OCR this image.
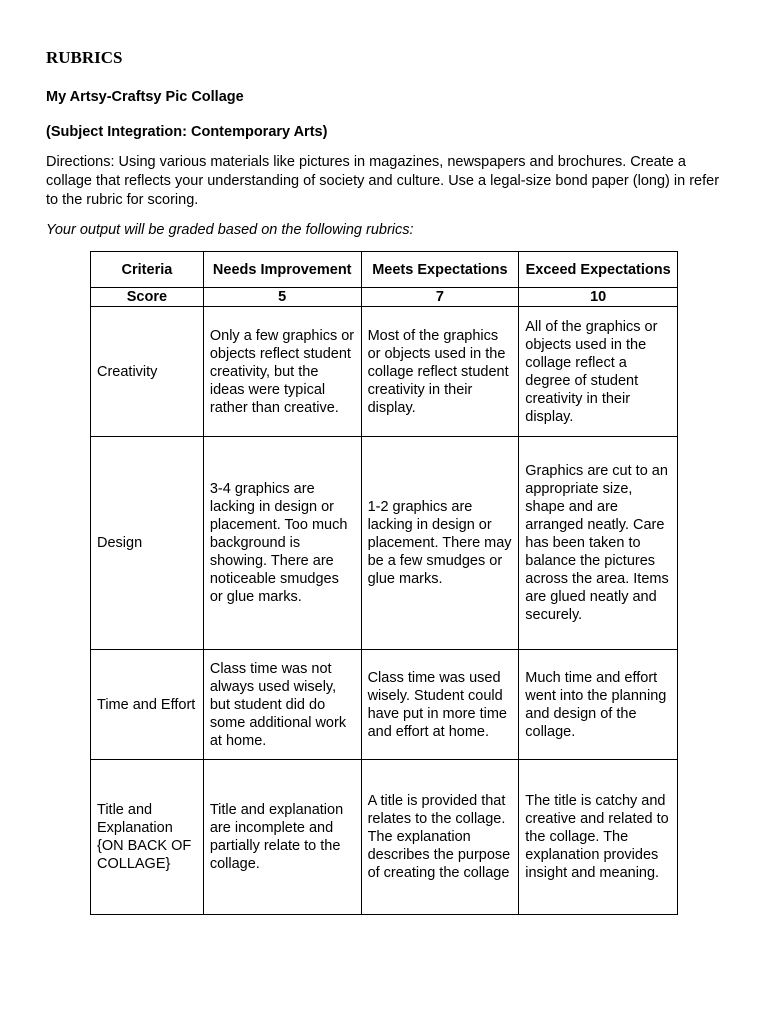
RUBRICS
My Artsy-Craftsy Pic Collage
(Subject Integration: Contemporary Arts)
Directions: Using various materials like pictures in magazines, newspapers and brochures. Create a collage that reflects your understanding of society and culture. Use a legal-size bond paper (long) in refer to the rubric for scoring.
Your output will be graded based on the following rubrics:
Criteria	Needs Improvement	Meets Expectations	Exceed Expectations
Score	5	7	10
Creativity	Only a few graphics or objects reflect student creativity, but the ideas were typical rather than creative.	Most of the graphics or objects used in the collage reflect student creativity in their display.	All of the graphics or objects used in the collage reflect a degree of student creativity in their display.
Design	3-4 graphics are lacking in design or placement. Too much background is showing. There are noticeable smudges or glue marks.	1-2 graphics are lacking in design or placement. There may be a few smudges or glue marks.	Graphics are cut to an appropriate size, shape and are arranged neatly. Care has been taken to balance the pictures across the area. Items are glued neatly and securely.
Time and Effort	Class time was not always used wisely, but student did do some additional work at home.	Class time was used wisely. Student could have put in more time and effort at home.	Much time and effort went into the planning and design of the collage.
Title and Explanation {ON BACK OF COLLAGE}	Title and explanation are incomplete and partially relate to the collage.	A title is provided that relates to the collage. The explanation describes the purpose of creating the collage	The title is catchy and creative and related to the collage. The explanation provides insight and meaning.
